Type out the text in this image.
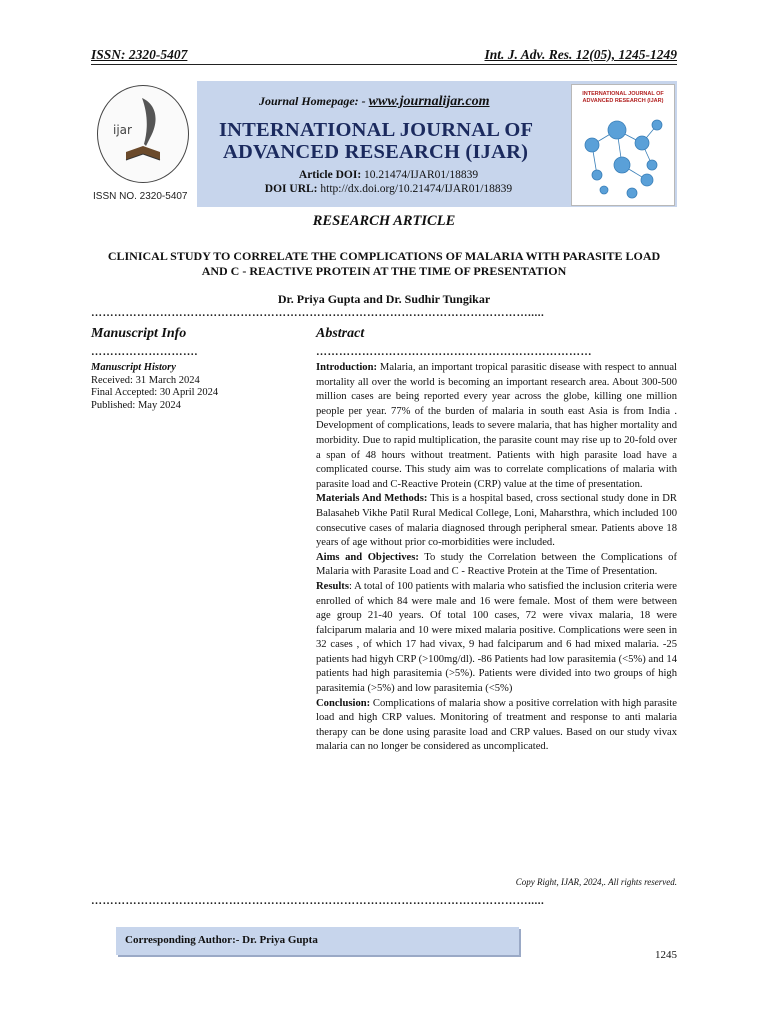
ISSN: 2320-5407	Int. J. Adv. Res. 12(05), 1245-1249
ijar
ISSN NO. 2320-5407
Journal Homepage: - www.journalijar.com
INTERNATIONAL JOURNAL OF
ADVANCED RESEARCH (IJAR)
Article DOI: 10.21474/IJAR01/18839
DOI URL: http://dx.doi.org/10.21474/IJAR01/18839
INTERNATIONAL JOURNAL OF ADVANCED RESEARCH (IJAR)
RESEARCH ARTICLE
CLINICAL STUDY TO CORRELATE THE COMPLICATIONS OF MALARIA WITH PARASITE LOAD
AND C - REACTIVE PROTEIN AT THE TIME OF PRESENTATION
Dr. Priya Gupta and Dr. Sudhir Tungikar
…………………………………………………………………………………………………….....
Manuscript Info	Abstract
……………………….	………………………………………………………………
Manuscript History
Received: 31 March 2024
Final Accepted: 30 April 2024
Published: May 2024

Introduction: Malaria, an important tropical parasitic disease with respect to annual mortality all over the world is becoming an important research area. About 300-500 million cases are being reported every year across the globe, killing one million people per year. 77% of the burden of malaria in south east Asia is from India . Development of complications, leads to severe malaria, that has higher mortality and morbidity. Due to rapid multiplication, the parasite count may rise up to 20-fold over a span of 48 hours without treatment. Patients with high parasite load have a complicated course. This study aim was to correlate complications of malaria with parasite load and C-Reactive Protein (CRP) value at the time of presentation.

Materials And Methods: This is a hospital based, cross sectional study done in DR Balasaheb Vikhe Patil Rural Medical College, Loni, Maharsthra, which included 100 consecutive cases of malaria diagnosed through peripheral smear. Patients above 18 years of age without prior co-morbidities were included.

Aims and Objectives: To study the Correlation between the Complications of Malaria with Parasite Load and C - Reactive Protein at the Time of Presentation.

Results: A total of 100 patients with malaria who satisfied the inclusion criteria were enrolled of which 84 were male and 16 were female. Most of them were between age group 21-40 years. Of total 100 cases, 72 were vivax malaria, 18 were falciparum malaria and 10 were mixed malaria positive. Complications were seen in 32 cases , of which 17 had vivax, 9 had falciparum and 6 had mixed malaria. -25 patients had higyh CRP (>100mg/dl). -86 Patients had low parasitemia (<5%) and 14 patients had high parasitemia (>5%). Patients were divided into two groups of high parasitemia (>5%) and low parasitemia (<5%)

Conclusion: Complications of malaria show a positive correlation with high parasite load and high CRP values. Monitoring of treatment and response to anti malaria therapy can be done using parasite load and CRP values. Based on our study vivax malaria can no longer be considered as uncomplicated.

Copy Right, IJAR, 2024,. All rights reserved.
…………………………………………………………………………………………………….....
Corresponding Author:- Dr. Priya Gupta
1245
